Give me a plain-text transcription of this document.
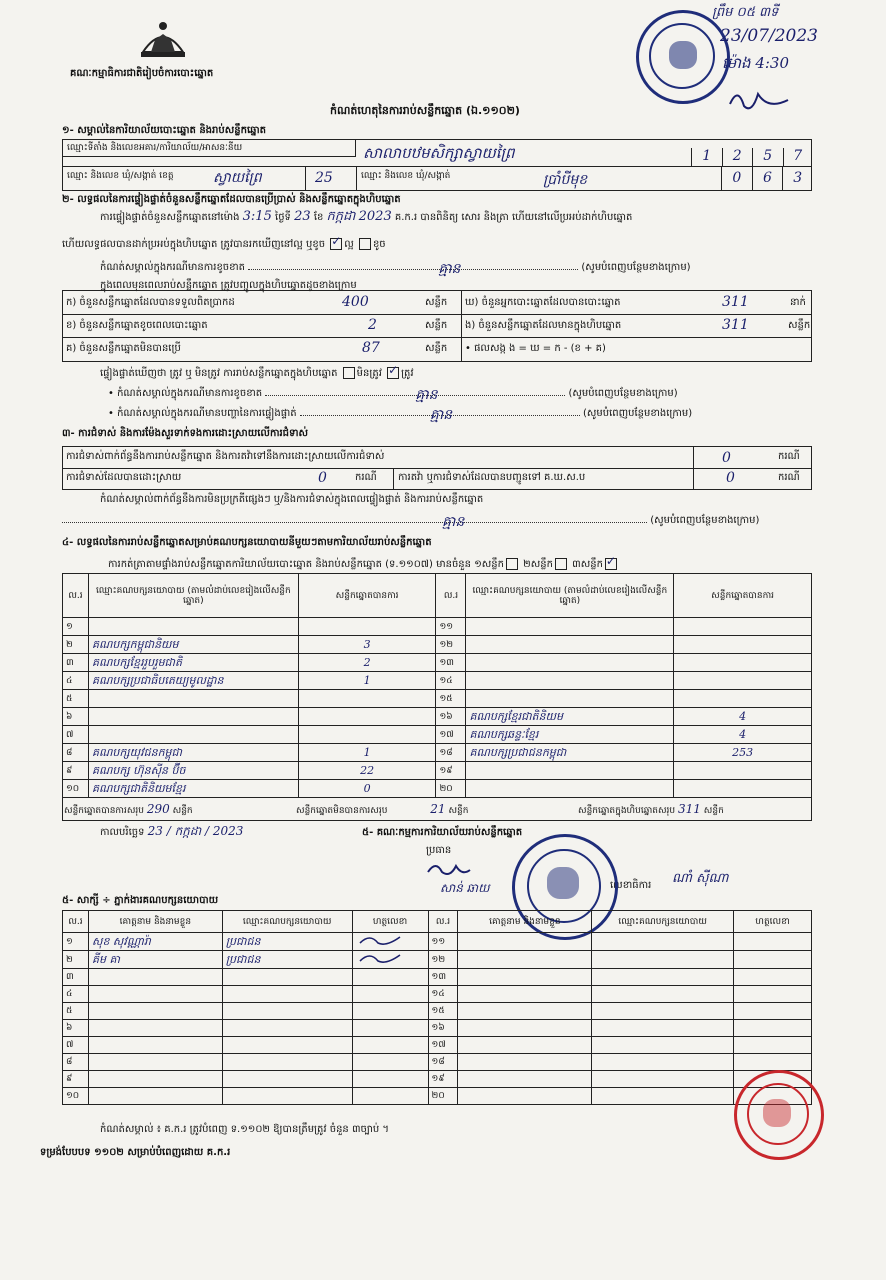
គណៈកម្មាធិការជាតិរៀបចំការបោះឆ្នោត
ព្រឹម ០៥ ៣ទី
23/07/2023
ម៉ោង 4:30
កំណត់ហេតុនៃការរាប់សន្លឹកឆ្នោត (ឯ.១១០២)
១- សម្គាល់នៃការិយាល័យបោះឆ្នោត និងរាប់សន្លឹកឆ្នោត
ឈ្មោះទីតាំង និងលេខអគារ/ការិយាល័យ/អាសនៈនីយ	សាលាបឋមសិក្សាស្វាយព្រៃ	1	2	5	7
ឈ្មោះ និងលេខ ឃុំ/សង្កាត់ ខេត្ត	ស្វាយព្រៃ	25	ឈ្មោះ និងលេខ ឃុំ/សង្កាត់	ប្រាំបីមុខ	0	6	3
២- លទ្ធផលនៃការផ្ទៀងផ្ទាត់ចំនួនសន្លឹកឆ្នោតដែលបានប្រើប្រាស់ និងសន្លឹកឆ្នោតក្នុងហិបឆ្នោត
ការផ្ទៀងផ្ទាត់ចំនួនសន្លឹកឆ្នោតនៅម៉ោង 3:15 ថ្ងៃទី 23 ខែ កក្កដា 2023 គ.ក.រ បានពិនិត្យ សោរ និងត្រា ហើយនៅលើប្រអប់ដាក់ហិបឆ្នោត
ហើយលទ្ធផលបានដាក់ប្រអប់ក្នុងហិបឆ្នោត ត្រូវបានរកឃើញនៅល្អ ឬខូច ✓ ល្អ ខូច
កំណត់សម្គាល់ក្នុងករណីមានការខូចខាត	គ្មាន	(សូមបំពេញបន្ថែមខាងក្រោម)
ក្នុងពេលមុនពេលរាប់សន្លឹកឆ្នោត ត្រូវបញ្ចូលក្នុងហិបឆ្នោតដូចខាងក្រោម
ក) ចំនួនសន្លឹកឆ្នោតដែលបានទទួលពិតប្រាកដ	400	សន្លឹក ឃ) ចំនួនអ្នកបោះឆ្នោតដែលបានបោះឆ្នោត	311	នាក់
ខ) ចំនួនសន្លឹកឆ្នោតខូចពេលបោះឆ្នោត	2	សន្លឹក ង) ចំនួនសន្លឹកឆ្នោតដែលមានក្នុងហិបឆ្នោត	311	សន្លឹក
គ) ចំនួនសន្លឹកឆ្នោតមិនបានប្រើ	87	សន្លឹក • ផលសង្ក ង = ឃ = ក - (ខ + គ)
ផ្ទៀងផ្ទាត់ឃើញថា ត្រូវ ឬ មិនត្រូវ ការរាប់សន្លឹកឆ្នោតក្នុងហិបឆ្នោត មិនត្រូវ ✓ ត្រូវ
• កំណត់សម្គាល់ក្នុងករណីមានការខូចខាត	គ្មាន	(សូមបំពេញបន្ថែមខាងក្រោម)
• កំណត់សម្គាល់ក្នុងករណីមានបញ្ហានៃការផ្ទៀងផ្ទាត់	គ្មាន	(សូមបំពេញបន្ថែមខាងក្រោម)
៣- ការជំទាស់ និងការម៉ែងសួរទាក់ទងការដោះស្រាយលើការជំទាស់
ការជំទាស់ពាក់ព័ន្ធនឹងការរាប់សន្លឹកឆ្នោត និងការតវ៉ាទៅនឹងការដោះស្រាយលើការជំទាស់	0	ករណី
ការជំទាស់ដែលបានដោះស្រាយ	0	ករណី ការតវ៉ា ឬការជំទាស់ដែលបានបញ្ជូនទៅ គ.ឃ.ស.ប	0	ករណី
កំណត់សម្គាល់ពាក់ព័ន្ធនឹងការមិនប្រក្រតីផ្សេងៗ ឬ/និងការជំទាស់ក្នុងពេលផ្ទៀងផ្ទាត់ និងការរាប់សន្លឹកឆ្នោត
គ្មាន	(សូមបំពេញបន្ថែមខាងក្រោម)
៤- លទ្ធផលនៃការរាប់សន្លឹកឆ្នោតសម្រាប់គណបក្សនយោបាយនីមួយៗតាមការិយាល័យរាប់សន្លឹកឆ្នោត
ការកត់ត្រាតាមផ្ទាំងរាប់សន្លឹកឆ្នោតការិយាល័យបោះឆ្នោត និងរាប់សន្លឹកឆ្នោត (ទ.១១០៧) មានចំនួន ១សន្លឹក ២សន្លឹក ៣សន្លឹក✓
ល.រ	ឈ្មោះគណបក្សនយោបាយ (តាមលំដាប់លេខរៀងលើសន្លឹកឆ្នោត)	សន្លឹកឆ្នោតបានការ	ល.រ	ឈ្មោះគណបក្សនយោបាយ (តាមលំដាប់លេខរៀងលើសន្លឹកឆ្នោត)	សន្លឹកឆ្នោតបានការ
១			១១		
២	គណបក្សកម្ពុជានិយម	3	១២		
៣	គណបក្សខ្មែររួបរួមជាតិ	2	១៣		
៤	គណបក្សប្រជាធិបតេយ្យមូលដ្ឋាន	1	១៤		
៥			១៥		
៦			១៦	គណបក្សខ្មែរជាតិនិយម	4
៧			១៧	គណបក្សឆន្ទៈខ្មែរ	4
៨	គណបក្សយុវជនកម្ពុជា	1	១៨	គណបក្សប្រជាជនកម្ពុជា	253
៩	គណបក្ស ហ៊ុនស៊ីន ប៊ីច	22	១៩		
១០	គណបក្សជាតិនិយមខ្មែរ	0	២០		
សន្លឹកឆ្នោតបានការសរុប 290 សន្លឹក	សន្លឹកឆ្នោតមិនបានការសរុប	21 សន្លឹក	សន្លឹកឆ្នោតក្នុងហិបឆ្នោតសរុប 311 សន្លឹក
កាលបរិច្ឆេទ 23 / កក្កដា / 2023	៥- គណៈកម្មការការិយាល័យរាប់សន្លឹកឆ្នោត
ប្រធាន
សាន់ ឆាយ	លេខាធិការ ណាំ ស៊ីណា
៥- សាក្សី ÷ ភ្នាក់ងារគណបក្សនយោបាយ
ល.រ	គោត្តនាម និងនាមខ្លួន	ឈ្មោះគណបក្សនយោបាយ	ហត្ថលេខា	ល.រ	គោត្តនាម និងនាមខ្លួន	ឈ្មោះគណបក្សនយោបាយ	ហត្ថលេខា
១	សុខ សុវណ្ណារ៉ា	ប្រជាជន		១១			
២	គីម គា	ប្រជាជន		១២			
៣				១៣			
៤				១៤			
៥				១៥			
៦				១៦			
៧				១៧			
៨				១៨			
៩				១៩			
១០				២០			
កំណត់សម្គាល់ ៖ គ.ក.រ ត្រូវបំពេញ ទ.១១០២ ឱ្យបានត្រឹមត្រូវ ចំនួន ៣ច្បាប់ ។
ទម្រង់បែបបទ ១១០២ សម្រាប់បំពេញដោយ គ.ក.រ
